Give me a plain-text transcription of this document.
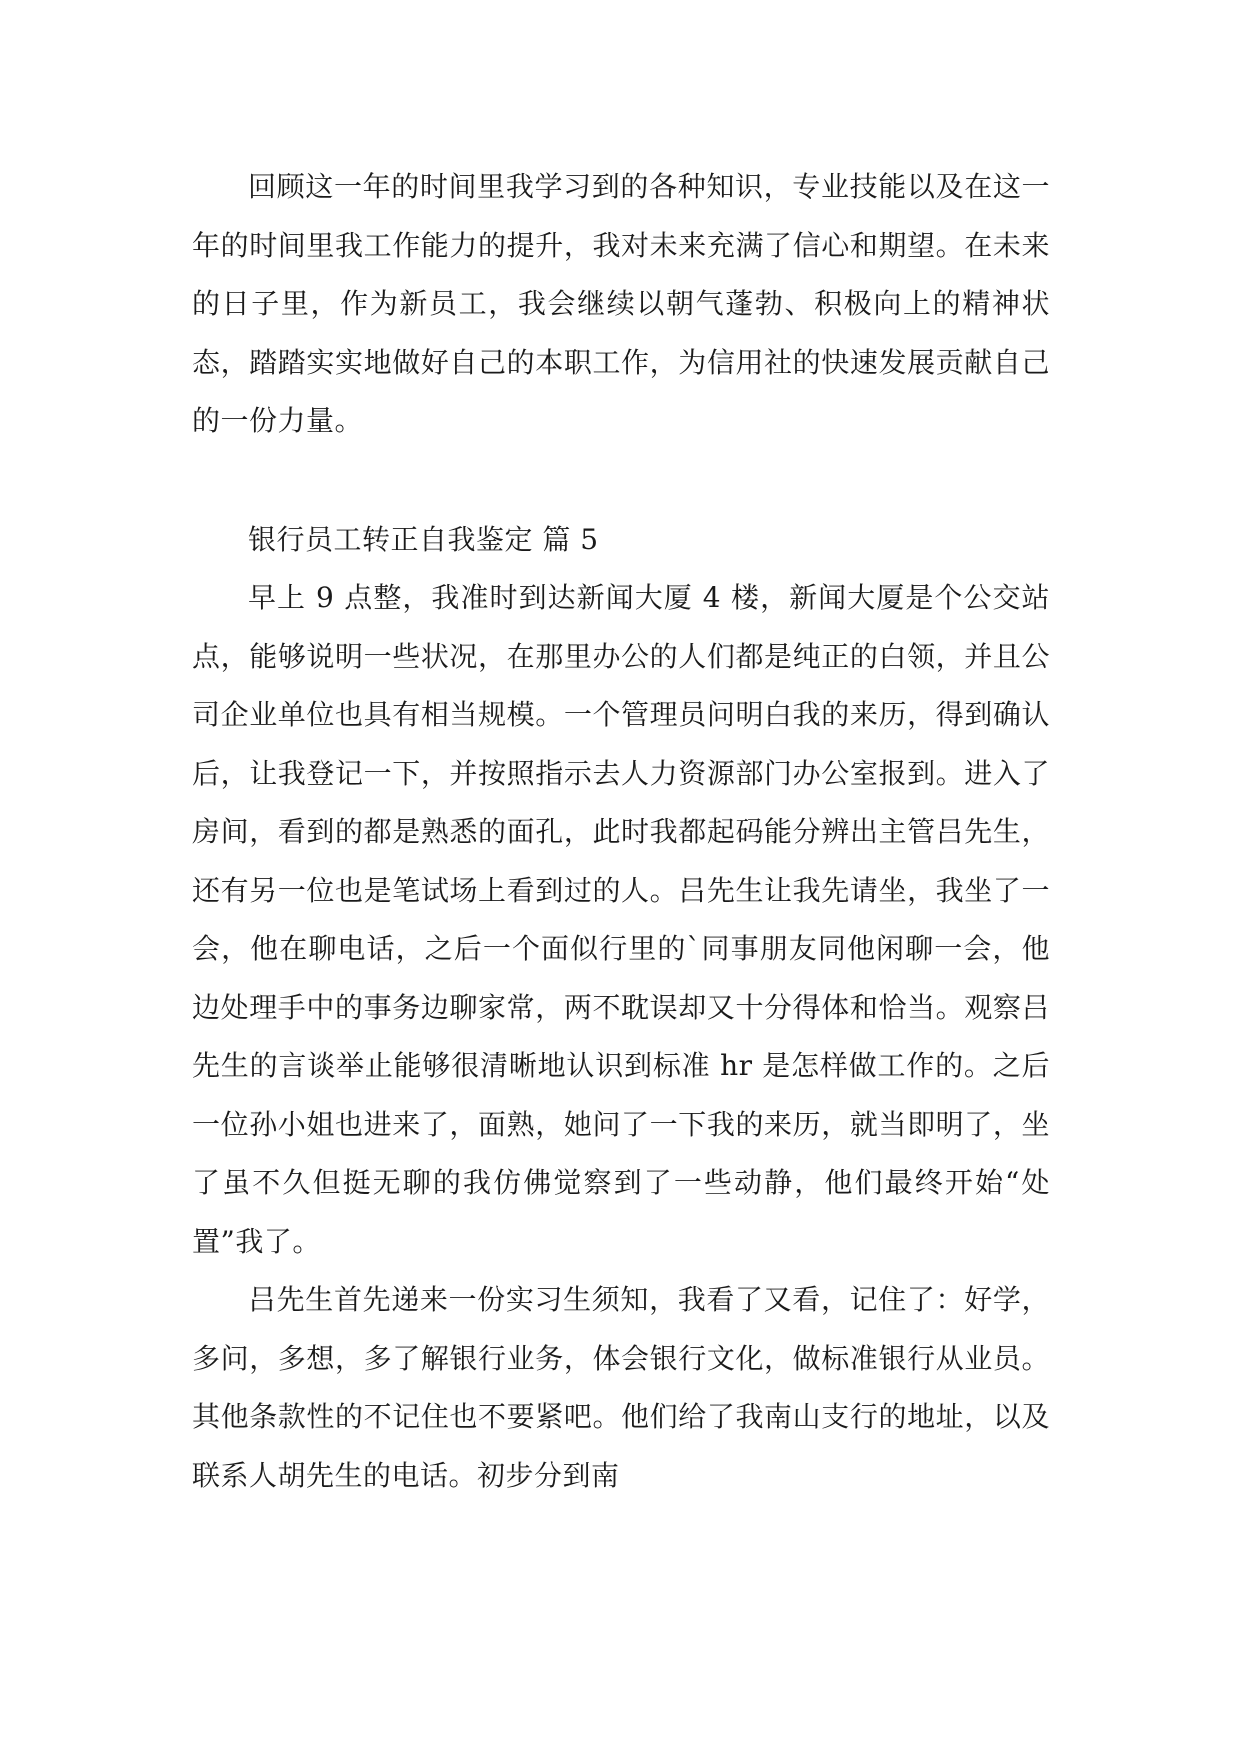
回顾这一年的时间里我学习到的各种知识，专业技能以及在这一年的时间里我工作能力的提升，我对未来充满了信心和期望。在未来的日子里，作为新员工，我会继续以朝气蓬勃、积极向上的精神状态，踏踏实实地做好自己的本职工作，为信用社的快速发展贡献自己的一份力量。

银行员工转正自我鉴定 篇 5

早上 9 点整，我准时到达新闻大厦 4 楼，新闻大厦是个公交站点，能够说明一些状况，在那里办公的人们都是纯正的白领，并且公司企业单位也具有相当规模。一个管理员问明白我的来历，得到确认后，让我登记一下，并按照指示去人力资源部门办公室报到。进入了房间，看到的都是熟悉的面孔，此时我都起码能分辨出主管吕先生，还有另一位也是笔试场上看到过的人。吕先生让我先请坐，我坐了一会，他在聊电话，之后一个面似行里的`同事朋友同他闲聊一会，他边处理手中的事务边聊家常，两不耽误却又十分得体和恰当。观察吕先生的言谈举止能够很清晰地认识到标准 hr 是怎样做工作的。之后一位孙小姐也进来了，面熟，她问了一下我的来历，就当即明了，坐了虽不久但挺无聊的我仿佛觉察到了一些动静，他们最终开始“处置”我了。

吕先生首先递来一份实习生须知，我看了又看，记住了：好学，多问，多想，多了解银行业务，体会银行文化，做标准银行从业员。其他条款性的不记住也不要紧吧。他们给了我南山支行的地址，以及联系人胡先生的电话。初步分到南
